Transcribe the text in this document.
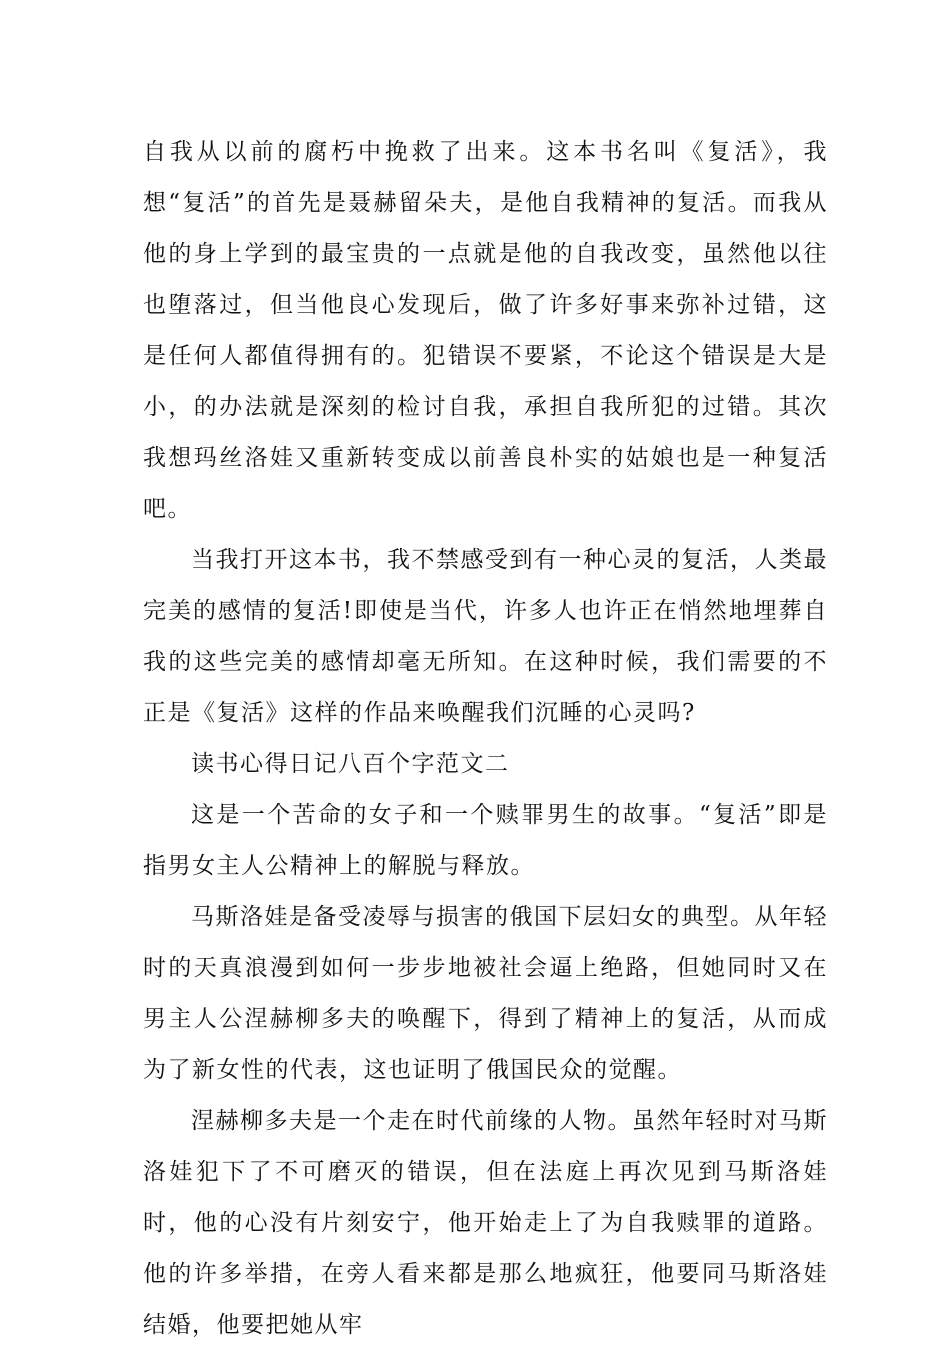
自我从以前的腐朽中挽救了出来。这本书名叫《复活》，我想“复活”的首先是聂赫留朵夫，是他自我精神的复活。而我从他的身上学到的最宝贵的一点就是他的自我改变，虽然他以往也堕落过，但当他良心发现后，做了许多好事来弥补过错，这是任何人都值得拥有的。犯错误不要紧，不论这个错误是大是小，的办法就是深刻的检讨自我，承担自我所犯的过错。其次我想玛丝洛娃又重新转变成以前善良朴实的姑娘也是一种复活吧。

当我打开这本书，我不禁感受到有一种心灵的复活，人类最完美的感情的复活!即使是当代，许多人也许正在悄然地埋葬自我的这些完美的感情却毫无所知。在这种时候，我们需要的不正是《复活》这样的作品来唤醒我们沉睡的心灵吗?

读书心得日记八百个字范文二

这是一个苦命的女子和一个赎罪男生的故事。“复活”即是指男女主人公精神上的解脱与释放。

马斯洛娃是备受凌辱与损害的俄国下层妇女的典型。从年轻时的天真浪漫到如何一步步地被社会逼上绝路，但她同时又在男主人公涅赫柳多夫的唤醒下，得到了精神上的复活，从而成为了新女性的代表，这也证明了俄国民众的觉醒。

涅赫柳多夫是一个走在时代前缘的人物。虽然年轻时对马斯洛娃犯下了不可磨灭的错误，但在法庭上再次见到马斯洛娃时，他的心没有片刻安宁，他开始走上了为自我赎罪的道路。他的许多举措，在旁人看来都是那么地疯狂，他要同马斯洛娃结婚，他要把她从牢
